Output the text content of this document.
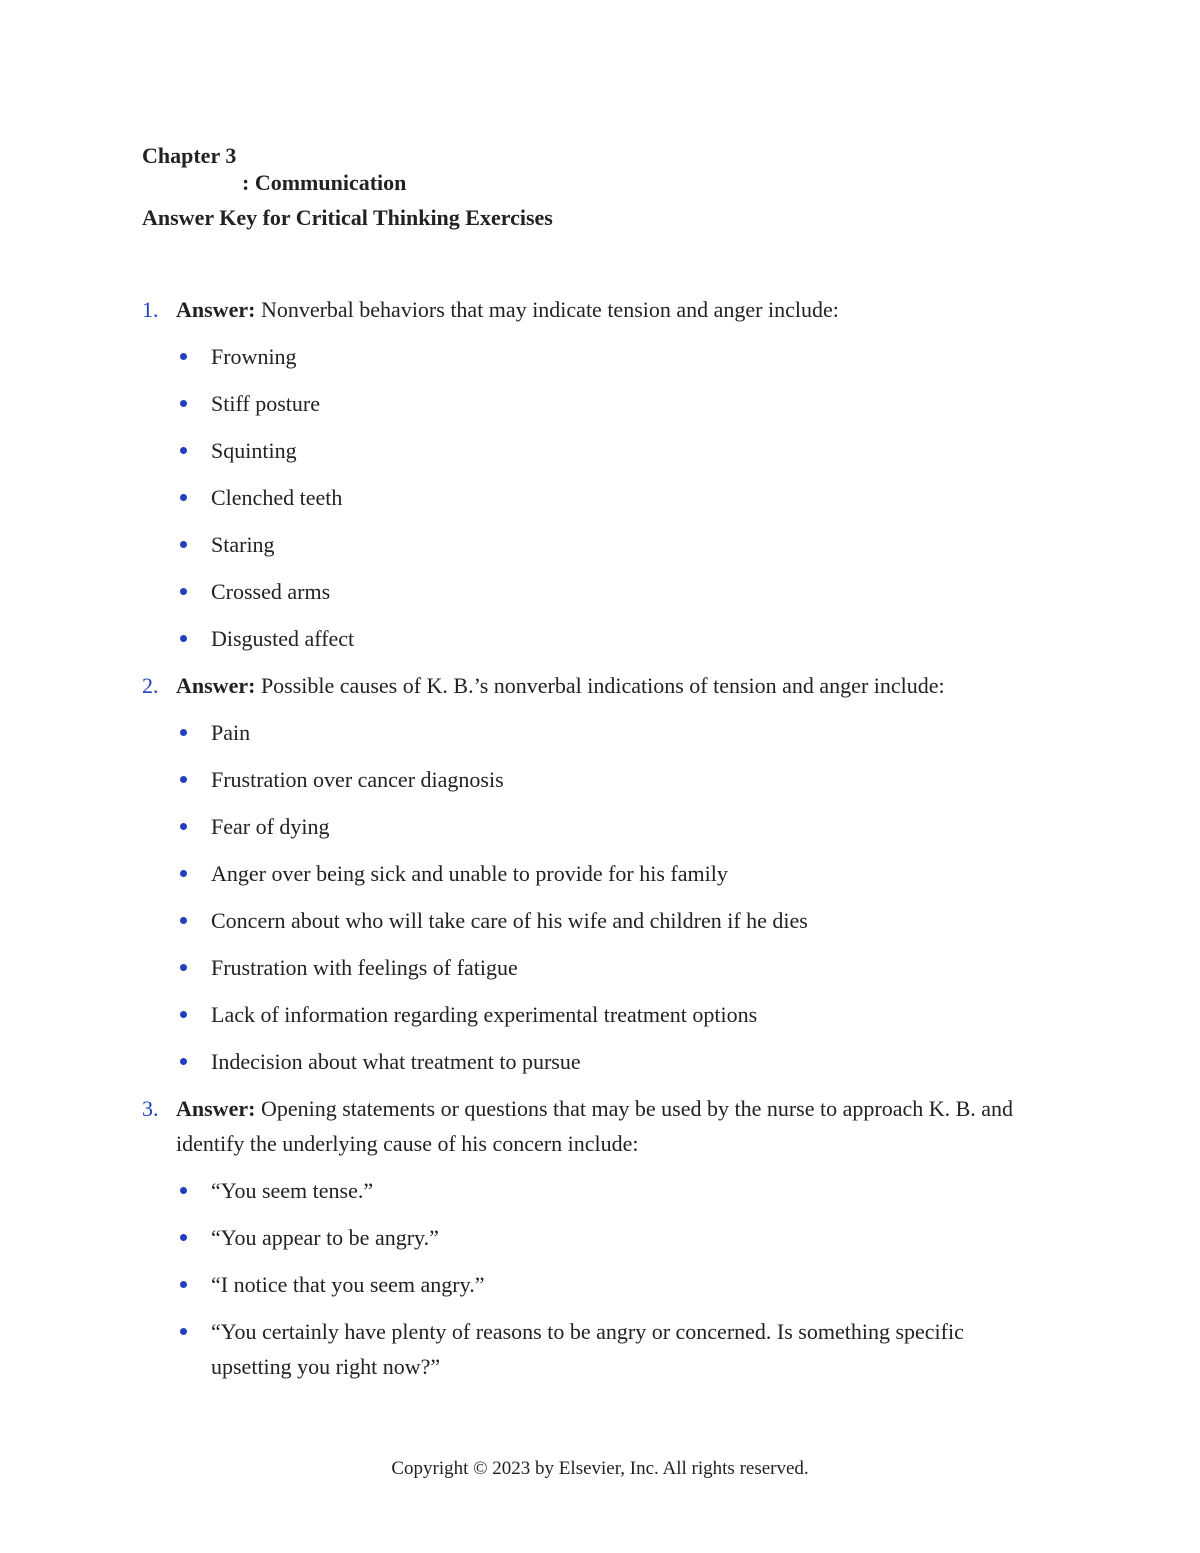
Chapter 3
: Communication
Answer Key for Critical Thinking Exercises
1. Answer: Nonverbal behaviors that may indicate tension and anger include:
Frowning
Stiff posture
Squinting
Clenched teeth
Staring
Crossed arms
Disgusted affect
2. Answer: Possible causes of K. B.’s nonverbal indications of tension and anger include:
Pain
Frustration over cancer diagnosis
Fear of dying
Anger over being sick and unable to provide for his family
Concern about who will take care of his wife and children if he dies
Frustration with feelings of fatigue
Lack of information regarding experimental treatment options
Indecision about what treatment to pursue
3. Answer: Opening statements or questions that may be used by the nurse to approach K. B. and identify the underlying cause of his concern include:
“You seem tense.”
“You appear to be angry.”
“I notice that you seem angry.”
“You certainly have plenty of reasons to be angry or concerned. Is something specific upsetting you right now?”
Copyright © 2023 by Elsevier, Inc. All rights reserved.
